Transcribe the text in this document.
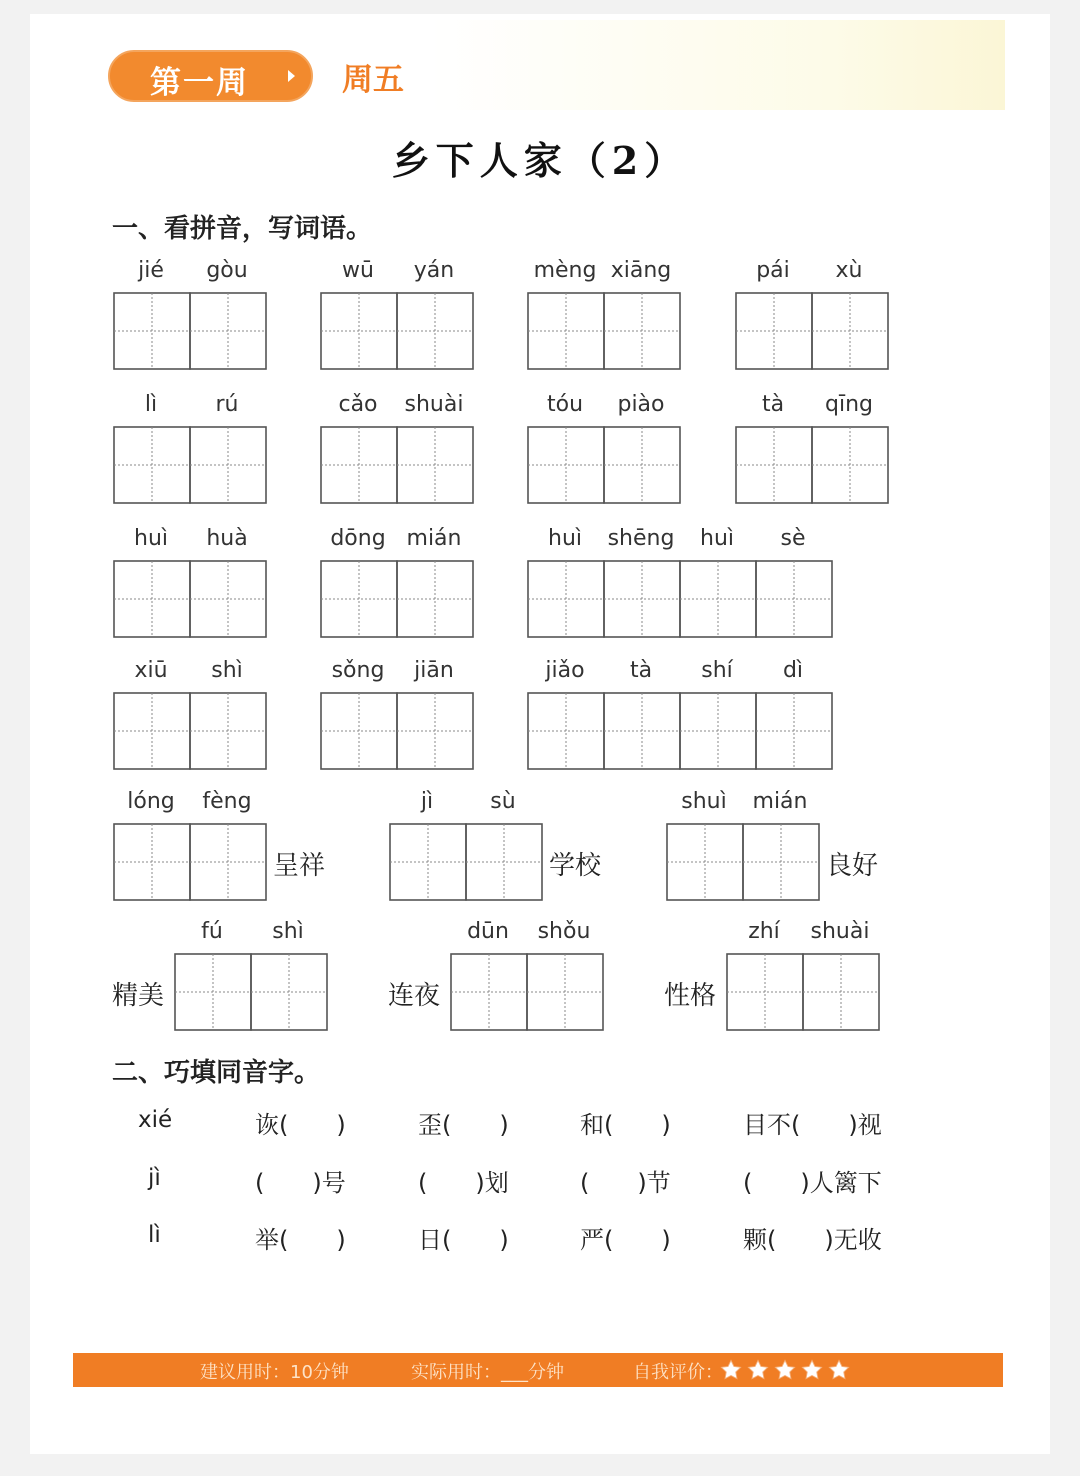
第一周	周五
乡下人家（2）
一、看拼音，写词语。
jié	gòu	wū	yán	mèng xiāng	pái	xù
lì	rú	cǎo	shuài	tóu	piào	tà	qīng
huì	huà	dōng mián	huì	shēng	huì	sè
xiū	shì	sǒng	jiān	jiǎo	tà	shí	dì
lóng	fèng
呈祥
jì	sù
学校
shuì	mián
良好
精美
fú	shì
连夜
dūn	shǒu
性格
zhí	shuài
二、巧填同音字。
xié	诙(　　)	歪(　　)	和(　　)	目不(　　)视
jì	(　　)号	(　　)划	(　　)节	(　　)人篱下
lì	举(　　)	日(　　)	严(　　)	颗(　　)无收
建议用时：10分钟	实际用时：___分钟	自我评价：
